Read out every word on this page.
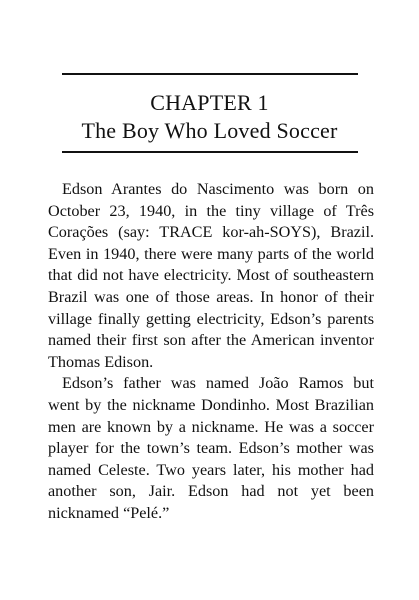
CHAPTER 1
The Boy Who Loved Soccer

Edson Arantes do Nascimento was born on October 23, 1940, in the tiny village of Três Corações (say: TRACE kor-ah-SOYS), Brazil. Even in 1940, there were many parts of the world that did not have electricity. Most of southeastern Brazil was one of those areas. In honor of their village finally getting electricity, Edson’s parents named their first son after the American inventor Thomas Edison.

Edson’s father was named João Ramos but went by the nickname Dondinho. Most Brazilian men are known by a nickname. He was a soccer player for the town’s team. Edson’s mother was named Celeste. Two years later, his mother had another son, Jair. Edson had not yet been nicknamed “Pelé.”
